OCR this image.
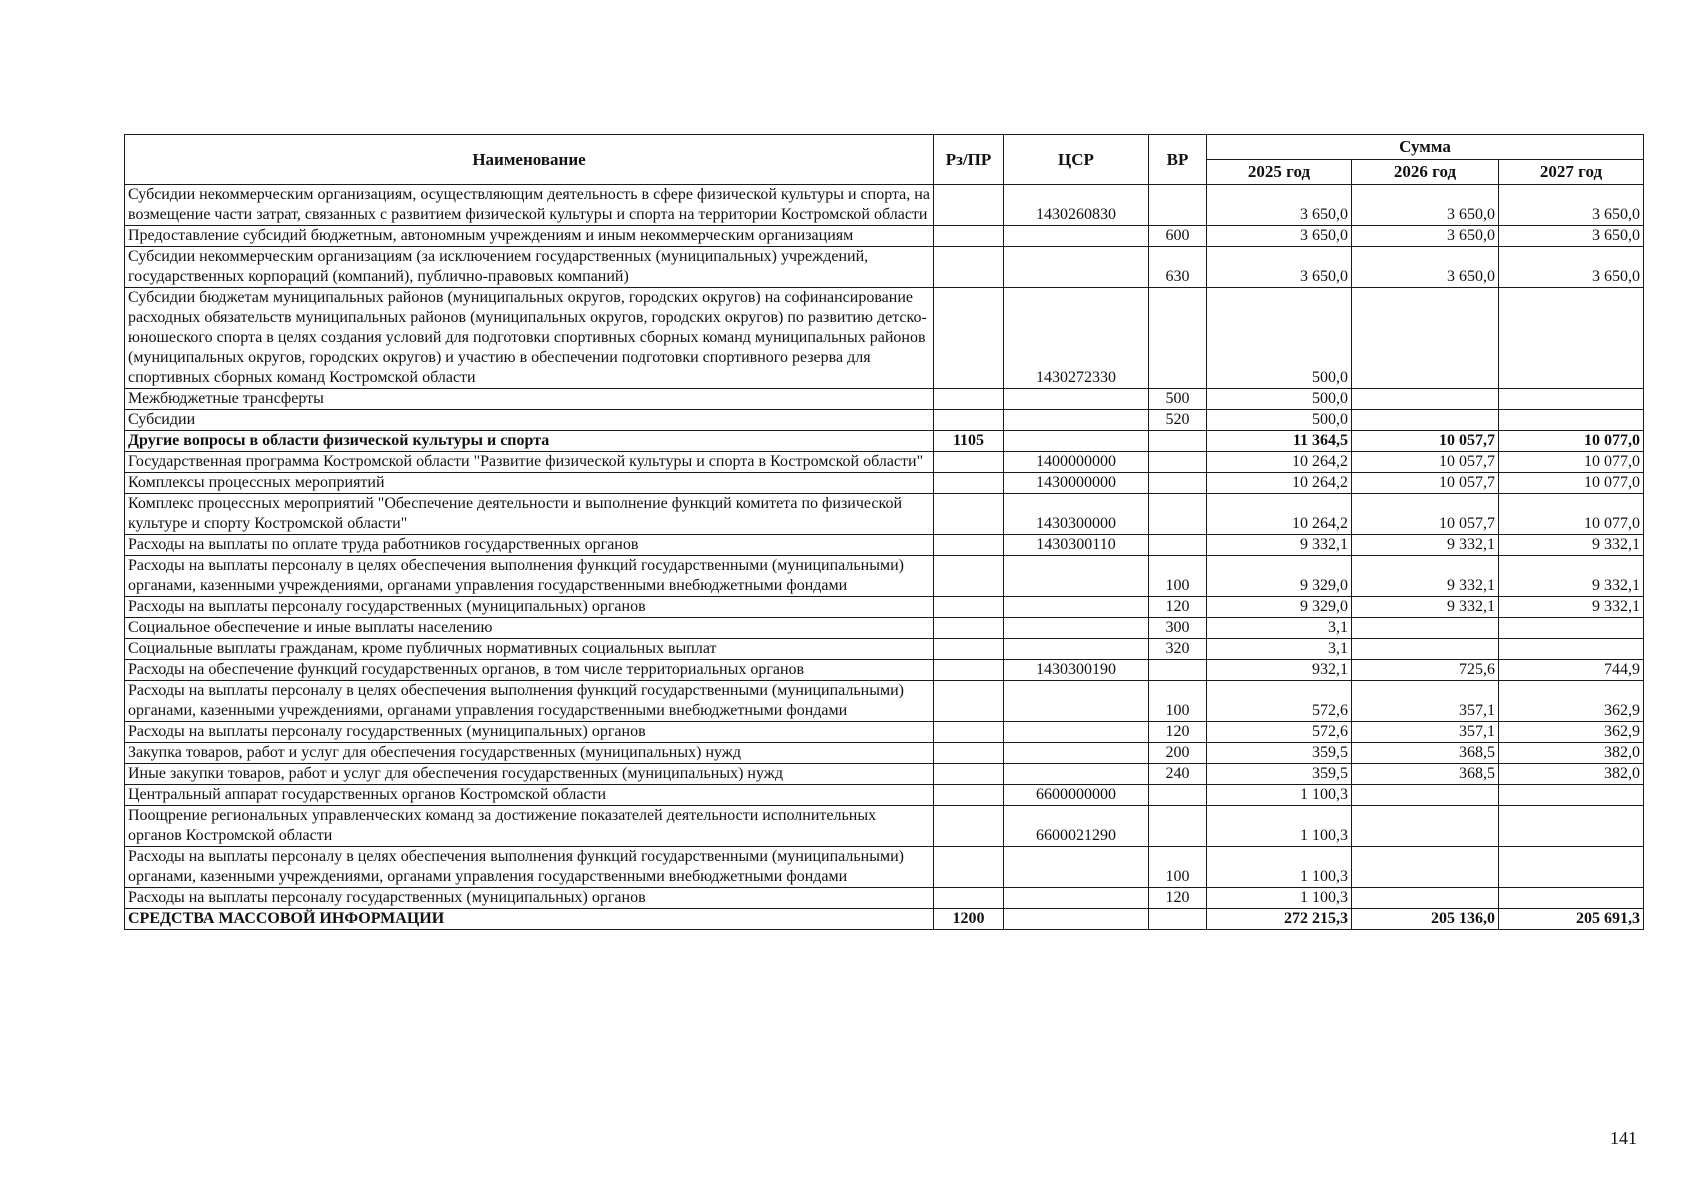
Наименование	Рз/ПР	ЦСР	ВР	Сумма		
				2025 год	2026 год	2027 год
Субсидии некоммерческим организациям, осуществляющим деятельность в сфере физической культуры и спорта, на возмещение части затрат, связанных с развитием физической культуры и спорта на территории Костромской области		1430260830		3 650,0	3 650,0	3 650,0
Предоставление субсидий бюджетным, автономным учреждениям и иным некоммерческим организациям			600	3 650,0	3 650,0	3 650,0
Субсидии некоммерческим организациям (за исключением государственных (муниципальных) учреждений, государственных корпораций (компаний), публично-правовых компаний)			630	3 650,0	3 650,0	3 650,0
Субсидии бюджетам муниципальных районов (муниципальных округов, городских округов) на софинансирование расходных обязательств муниципальных районов (муниципальных округов, городских округов) по развитию детско-юношеского спорта в целях создания условий для подготовки спортивных сборных команд муниципальных районов (муниципальных округов, городских округов) и участию в обеспечении подготовки спортивного резерва для спортивных сборных команд Костромской области		1430272330		500,0		
Межбюджетные трансферты			500	500,0		
Субсидии			520	500,0		
Другие вопросы в области физической культуры и спорта	1105			11 364,5	10 057,7	10 077,0
Государственная программа Костромской области "Развитие физической культуры и спорта в Костромской области"		1400000000		10 264,2	10 057,7	10 077,0
Комплексы процессных мероприятий		1430000000		10 264,2	10 057,7	10 077,0
Комплекс процессных мероприятий "Обеспечение деятельности и выполнение функций комитета по физической культуре и спорту Костромской области"		1430300000		10 264,2	10 057,7	10 077,0
Расходы на выплаты по оплате труда работников государственных органов		1430300110		9 332,1	9 332,1	9 332,1
Расходы на выплаты персоналу в целях обеспечения выполнения функций государственными (муниципальными) органами, казенными учреждениями, органами управления государственными внебюджетными фондами			100	9 329,0	9 332,1	9 332,1
Расходы на выплаты персоналу государственных (муниципальных) органов			120	9 329,0	9 332,1	9 332,1
Социальное обеспечение и иные выплаты населению			300	3,1		
Социальные выплаты гражданам, кроме публичных нормативных социальных выплат			320	3,1		
Расходы на обеспечение функций государственных органов, в том числе территориальных органов		1430300190		932,1	725,6	744,9
Расходы на выплаты персоналу в целях обеспечения выполнения функций государственными (муниципальными) органами, казенными учреждениями, органами управления государственными внебюджетными фондами			100	572,6	357,1	362,9
Расходы на выплаты персоналу государственных (муниципальных) органов			120	572,6	357,1	362,9
Закупка товаров, работ и услуг для обеспечения государственных (муниципальных) нужд			200	359,5	368,5	382,0
Иные закупки товаров, работ и услуг для обеспечения государственных (муниципальных) нужд			240	359,5	368,5	382,0
Центральный аппарат государственных органов Костромской области		6600000000		1 100,3		
Поощрение региональных управленческих команд за достижение показателей деятельности исполнительных органов Костромской области		6600021290		1 100,3		
Расходы на выплаты персоналу в целях обеспечения выполнения функций государственными (муниципальными) органами, казенными учреждениями, органами управления государственными внебюджетными фондами			100	1 100,3		
Расходы на выплаты персоналу государственных (муниципальных) органов			120	1 100,3		
СРЕДСТВА МАССОВОЙ ИНФОРМАЦИИ	1200			272 215,3	205 136,0	205 691,3
141
